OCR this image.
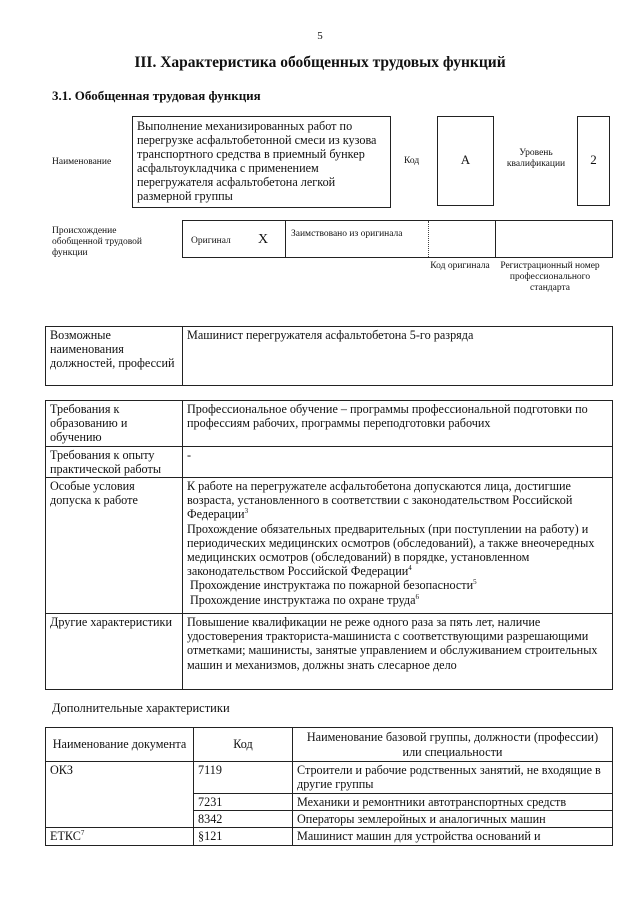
5
III. Характеристика обобщенных трудовых функций
3.1. Обобщенная трудовая функция
Наименование
Выполнение механизированных работ по перегрузке асфальтобетонной смеси из кузова транспортного средства в приемный бункер асфальтоукладчика с применением перегружателя асфальтобетона легкой размерной группы
Код	A	Уровень квалификации	2
Происхождение обобщенной трудовой функции
Оригинал X Заимствовано из оригинала
Код оригинала Регистрационный номер профессионального стандарта
Возможные наименования должностей, профессий	Машинист перегружателя асфальтобетона 5-го разряда
Требования к образованию и обучению	Профессиональное обучение – программы профессиональной подготовки по профессиям рабочих, программы переподготовки рабочих
Требования к опыту практической работы	-
Особые условия допуска к работе	К работе на перегружателе асфальтобетона допускаются лица, достигшие возраста, установленного в соответствии с законодательством Российской Федерации$^3$
Прохождение обязательных предварительных (при поступлении на работу) и периодических медицинских осмотров (обследований), а также внеочередных медицинских осмотров (обследований) в порядке, установленном законодательством Российской Федерации$^4$
Прохождение инструктажа по пожарной безопасности$^5$
Прохождение инструктажа по охране труда$^6$

Другие характеристики	Повышение квалификации не реже одного раза за пять лет, наличие удостоверения тракториста-машиниста с соответствующими разрешающими отметками; машинисты, занятые управлением и обслуживанием строительных машин и механизмов, должны знать слесарное дело
Дополнительные характеристики
Наименование документа	Код	Наименование базовой группы, должности (профессии) или специальности
ОКЗ	7119	Строители и рабочие родственных занятий, не входящие в другие группы
	7231	Механики и ремонтники автотранспортных средств
	8342	Операторы землеройных и аналогичных машин
ЕТКС$^7$	§121	Машинист машин для устройства оснований и
